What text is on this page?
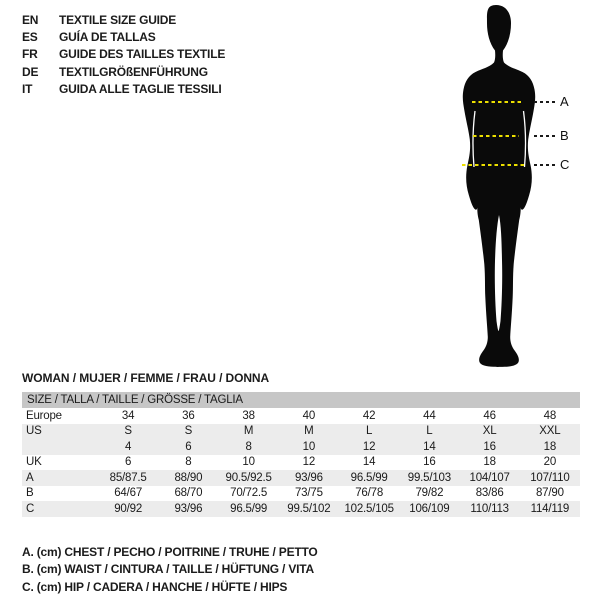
EN TEXTILE SIZE GUIDE
ES GUÍA DE TALLAS
FR GUIDE DES TAILLES TEXTILE
DE TEXTILGRÖßENFÜHRUNG
IT GUIDA ALLE TAGLIE TESSILI
A
B
C
WOMAN / MUJER / FEMME / FRAU / DONNA
SIZE / TALLA / TAILLE / GRÖSSE / TAGLIA
Europe	34	36	38	40	42	44	46	48
US	S	S	M	M	L	L	XL	XXL
4	6	8	10	12	14	16	18
UK	6	8	10	12	14	16	18	20
A	85/87.5	88/90	90.5/92.5	93/96	96.5/99	99.5/103	104/107	107/110
B	64/67	68/70	70/72.5	73/75	76/78	79/82	83/86	87/90
C	90/92	93/96	96.5/99	99.5/102	102.5/105	106/109	110/113	114/119
A. (cm) CHEST / PECHO / POITRINE / TRUHE / PETTO
B. (cm) WAIST / CINTURA / TAILLE / HÜFTUNG / VITA
C. (cm) HIP / CADERA / HANCHE / HÜFTE / HIPS
